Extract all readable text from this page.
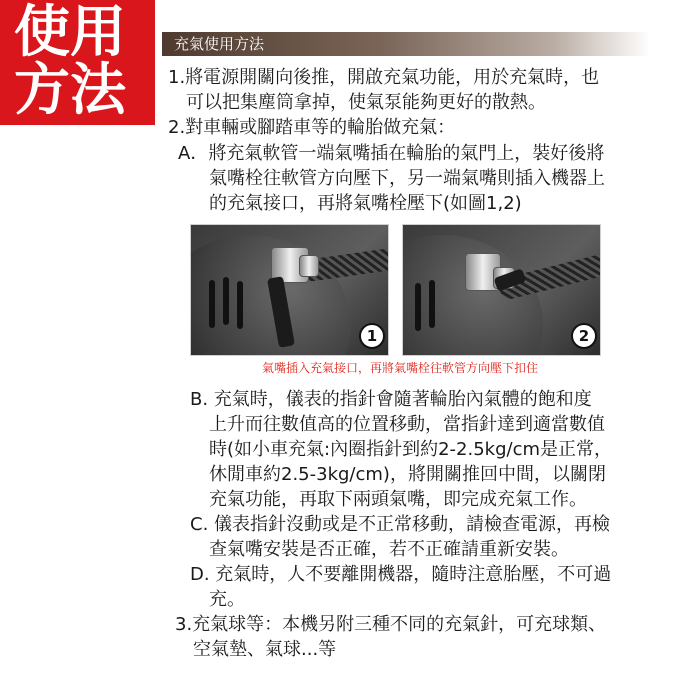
使用
方法
充氣使用方法
1.將電源開關向後推，開啟充氣功能，用於充氣時，也
可以把集塵筒拿掉，使氣泵能夠更好的散熱。
2.對車輛或腳踏車等的輪胎做充氣：
A．將充氣軟管一端氣嘴插在輪胎的氣門上，裝好後將
氣嘴栓往軟管方向壓下，另一端氣嘴則插入機器上
的充氣接口，再將氣嘴栓壓下(如圖1,2)
1	2
氣嘴插入充氣接口，再將氣嘴栓往軟管方向壓下扣住
B. 充氣時，儀表的指針會隨著輪胎內氣體的飽和度
上升而往數值高的位置移動，當指針達到適當數值
時(如小車充氣:內圈指針到約2-2.5kg/cm是正常，
休閒車約2.5-3kg/cm)，將開關推回中間，以關閉
充氣功能，再取下兩頭氣嘴，即完成充氣工作。
C. 儀表指針沒動或是不正常移動，請檢查電源，再檢
查氣嘴安裝是否正確，若不正確請重新安裝。
D. 充氣時，人不要離開機器，隨時注意胎壓，不可過
充。
3.充氣球等：本機另附三種不同的充氣針，可充球類、
空氣墊、氣球...等
